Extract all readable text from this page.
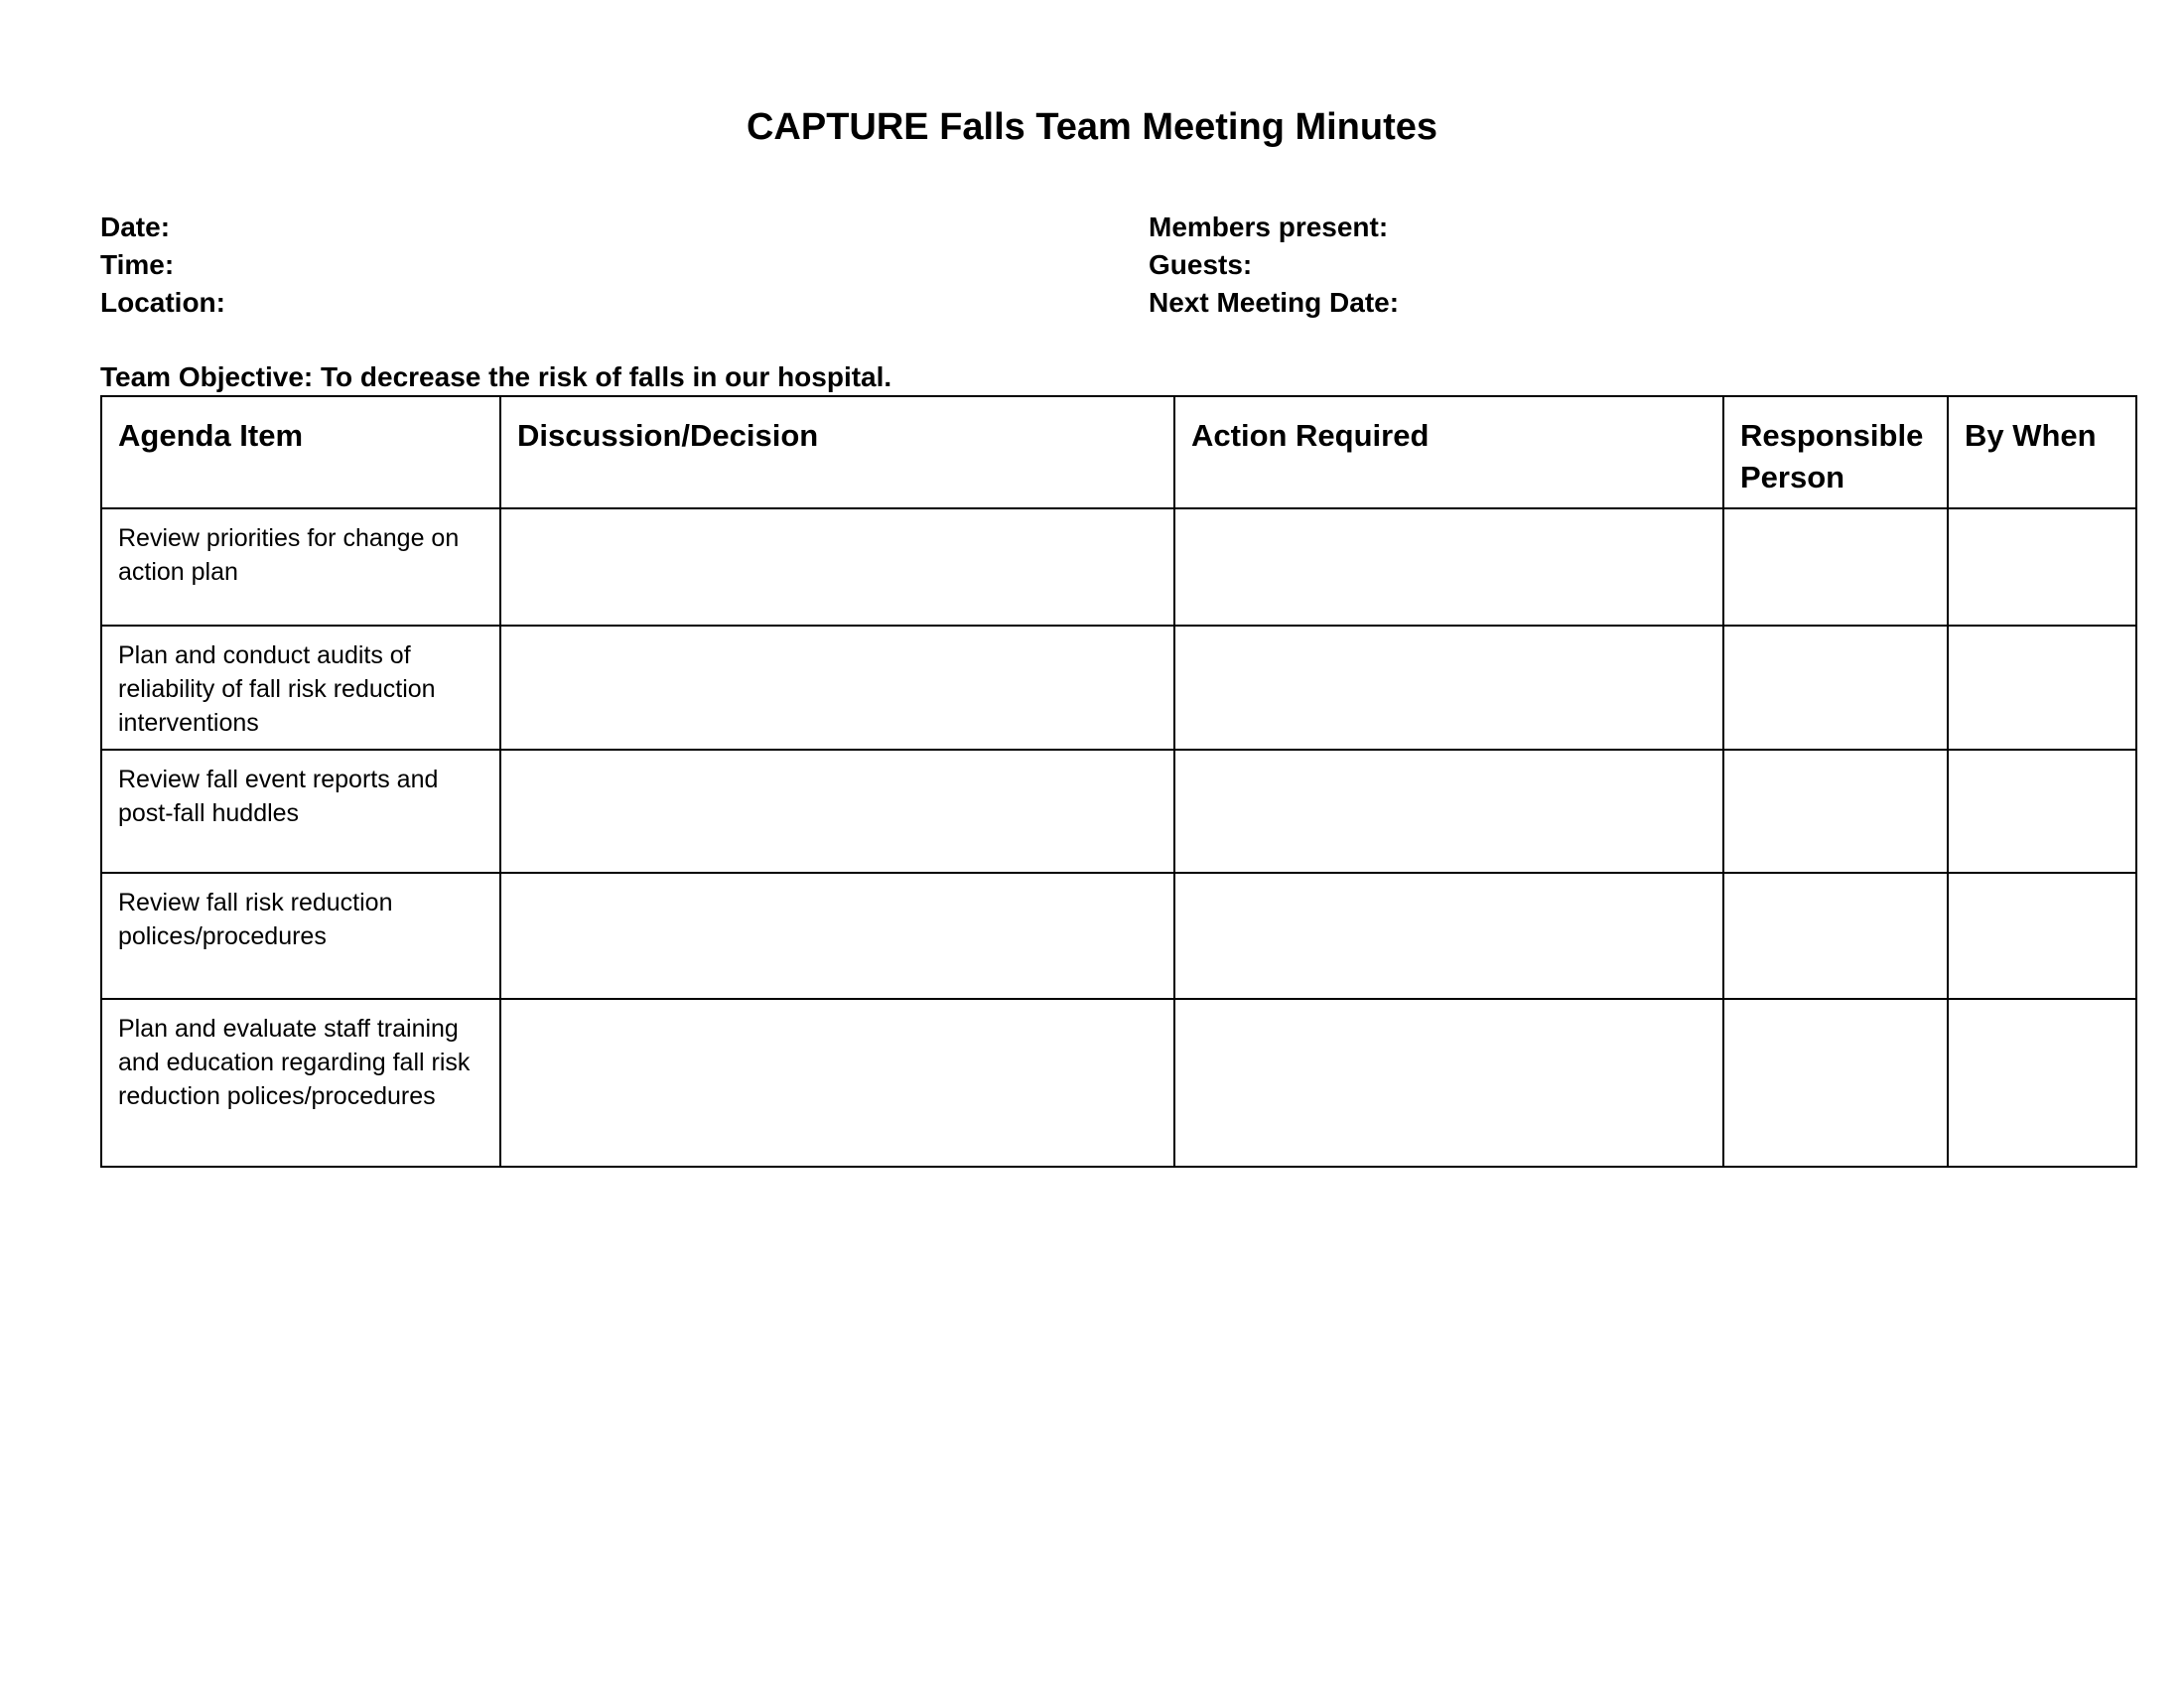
CAPTURE Falls Team Meeting Minutes
Date:
Time:
Location:
Members present:
Guests:
Next Meeting Date:
Team Objective: To decrease the risk of falls in our hospital.
Agenda Item	Discussion/Decision	Action Required	Responsible Person	By When
Review priorities for change on action plan				
Plan and conduct audits of reliability of fall risk reduction interventions				
Review fall event reports and post-fall huddles				
Review fall risk reduction polices/procedures				
Plan and evaluate staff training and education regarding fall risk reduction polices/procedures				
